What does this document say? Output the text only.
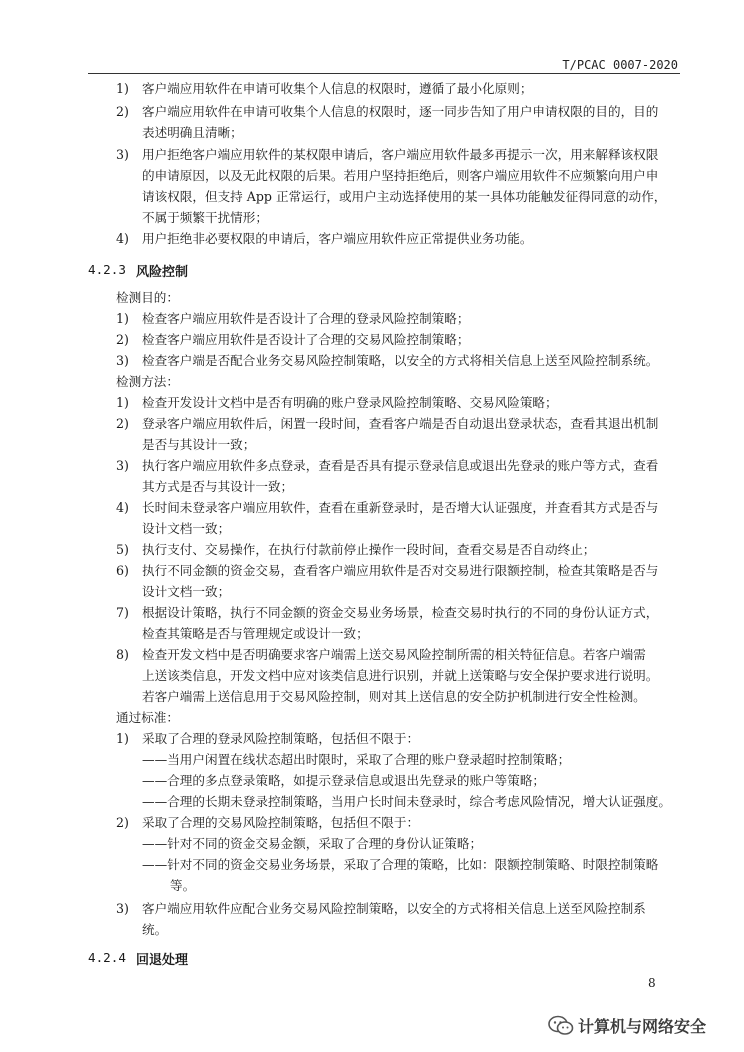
T/PCAC 0007-2020
1) 客户端应用软件在申请可收集个人信息的权限时，遵循了最小化原则；
2) 客户端应用软件在申请可收集个人信息的权限时，逐一同步告知了用户申请权限的目的，目的
表述明确且清晰；
3) 用户拒绝客户端应用软件的某权限申请后，客户端应用软件最多再提示一次，用来解释该权限
的申请原因，以及无此权限的后果。若用户坚持拒绝后，则客户端应用软件不应频繁向用户申
请该权限，但支持 App 正常运行，或用户主动选择使用的某一具体功能触发征得同意的动作，
不属于频繁干扰情形；
4) 用户拒绝非必要权限的申请后，客户端应用软件应正常提供业务功能。
4.2.3 风险控制
检测目的：
1) 检查客户端应用软件是否设计了合理的登录风险控制策略；
2) 检查客户端应用软件是否设计了合理的交易风险控制策略；
3) 检查客户端是否配合业务交易风险控制策略，以安全的方式将相关信息上送至风险控制系统。
检测方法：
1) 检查开发设计文档中是否有明确的账户登录风险控制策略、交易风险策略；
2) 登录客户端应用软件后，闲置一段时间，查看客户端是否自动退出登录状态，查看其退出机制
是否与其设计一致；
3) 执行客户端应用软件多点登录，查看是否具有提示登录信息或退出先登录的账户等方式，查看
其方式是否与其设计一致；
4) 长时间未登录客户端应用软件，查看在重新登录时，是否增大认证强度，并查看其方式是否与
设计文档一致；
5) 执行支付、交易操作，在执行付款前停止操作一段时间，查看交易是否自动终止；
6) 执行不同金额的资金交易，查看客户端应用软件是否对交易进行限额控制，检查其策略是否与
设计文档一致；
7) 根据设计策略，执行不同金额的资金交易业务场景，检查交易时执行的不同的身份认证方式，
检查其策略是否与管理规定或设计一致；
8) 检查开发文档中是否明确要求客户端需上送交易风险控制所需的相关特征信息。若客户端需
上送该类信息，开发文档中应对该类信息进行识别，并就上送策略与安全保护要求进行说明。
若客户端需上送信息用于交易风险控制，则对其上送信息的安全防护机制进行安全性检测。
通过标准：
1) 采取了合理的登录风险控制策略，包括但不限于：
——当用户闲置在线状态超出时限时，采取了合理的账户登录超时控制策略；
——合理的多点登录策略，如提示登录信息或退出先登录的账户等策略；
——合理的长期未登录控制策略，当用户长时间未登录时，综合考虑风险情况，增大认证强度。
2) 采取了合理的交易风险控制策略，包括但不限于：
——针对不同的资金交易金额，采取了合理的身份认证策略；
——针对不同的资金交易业务场景，采取了合理的策略，比如：限额控制策略、时限控制策略
等。
3) 客户端应用软件应配合业务交易风险控制策略，以安全的方式将相关信息上送至风险控制系
统。
4.2.4 回退处理
8
计算机与网络安全
